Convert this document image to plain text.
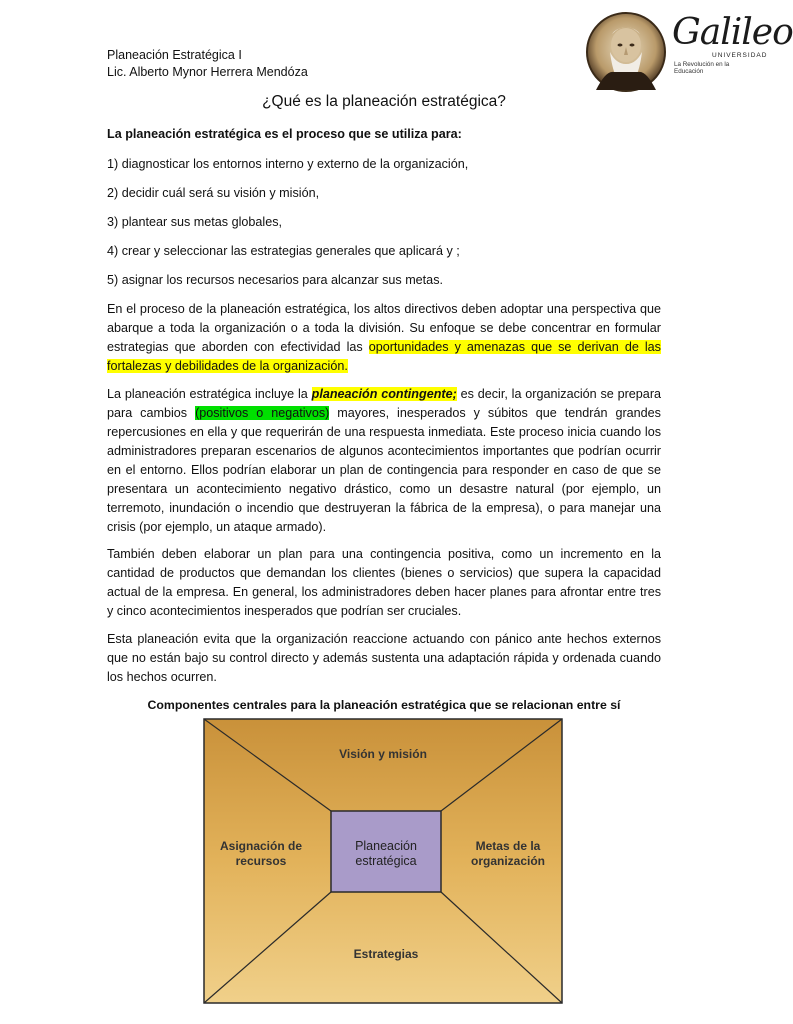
Planeación Estratégica I
Lic. Alberto Mynor Herrera Mendóza
Galileo
UNIVERSIDAD
La Revolución en la Educación
¿Qué es la planeación estratégica?
La planeación estratégica es el proceso que se utiliza para:
1) diagnosticar los entornos interno y externo de la organización,
2) decidir cuál será su visión y misión,
3) plantear sus metas globales,
4) crear y seleccionar las estrategias generales que aplicará y ;
5) asignar los recursos necesarios para alcanzar sus metas.
En el proceso de la planeación estratégica, los altos directivos deben adoptar una perspectiva que abarque a toda la organización o a toda la división. Su enfoque se debe concentrar en formular estrategias que aborden con efectividad las oportunidades y amenazas que se derivan de las fortalezas y debilidades de la organización.
La planeación estratégica incluye la planeación contingente; es decir, la organización se prepara para cambios (positivos o negativos) mayores, inesperados y súbitos que tendrán grandes repercusiones en ella y que requerirán de una respuesta inmediata. Este proceso inicia cuando los administradores preparan escenarios de algunos acontecimientos importantes que podrían ocurrir en el entorno. Ellos podrían elaborar un plan de contingencia para responder en caso de que se presentara un acontecimiento negativo drástico, como un desastre natural (por ejemplo, un terremoto, inundación o incendio que destruyeran la fábrica de la empresa), o para manejar una crisis (por ejemplo, un ataque armado).
También deben elaborar un plan para una contingencia positiva, como un incremento en la cantidad de productos que demandan los clientes (bienes o servicios) que supera la capacidad actual de la empresa. En general, los administradores deben hacer planes para afrontar entre tres y cinco acontecimientos inesperados que podrían ser cruciales.
Esta planeación evita que la organización reaccione actuando con pánico ante hechos externos que no están bajo su control directo y además sustenta una adaptación rápida y ordenada cuando los hechos ocurren.
Componentes centrales para la planeación estratégica que se relacionan entre sí
Visión y misión
Asignación de
recursos
Metas de la
organización
Estrategias
Planeación
estratégica
